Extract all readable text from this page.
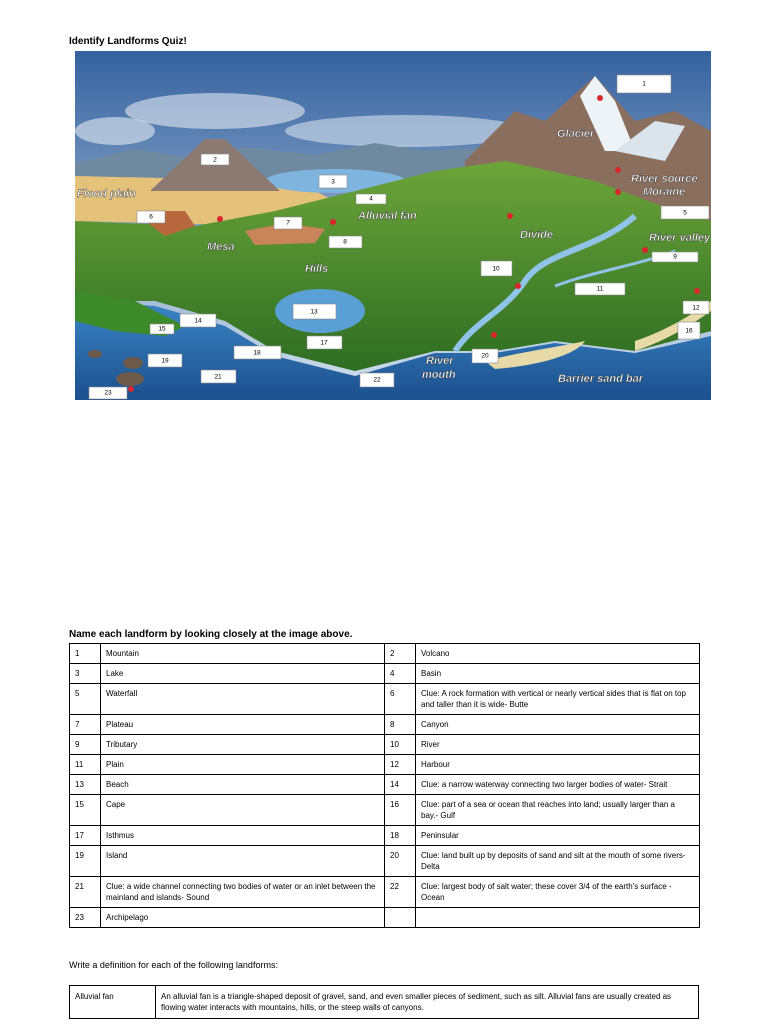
Identify Landforms Quiz!
Flood plain
Mesa
Hills
Alluvial fan
Divide
Glacier
River source
Moraine
River valley
River
mouth	Barrier sand bar
1
2
3
4
5
6
7
8
9
10
11
12
13
14
15	16
17
18
19
20
21	22
23
Name each landform by looking closely at the image above.
1	Mountain	2	Volcano
3	Lake	4	Basin
5	Waterfall	6	Clue: A rock formation with vertical or nearly vertical sides that is flat on top and taller than it is wide- Butte
7	Plateau	8	Canyon
9	Tributary	10	River
11	Plain	12	Harbour
13	Beach	14	Clue: a narrow waterway connecting two larger bodies of water- Strait
15	Cape	16	Clue: part of a sea or ocean that reaches into land; usually larger than a bay.- Gulf
17	Isthmus	18	Peninsular
19	Island	20	Clue: land built up by deposits of sand and silt at the mouth of some rivers- Delta
21	Clue: a wide channel connecting two bodies of water or an inlet between the mainland and islands- Sound	22	Clue: largest body of salt water; these cover 3/4 of the earth's surface - Ocean
23	Archipelago		
Write a definition for each of the following landforms:
Alluvial fan	An alluvial fan is a triangle-shaped deposit of gravel, sand, and even smaller pieces of sediment, such as silt. Alluvial fans are usually created as flowing water interacts with mountains, hills, or the steep walls of canyons.
